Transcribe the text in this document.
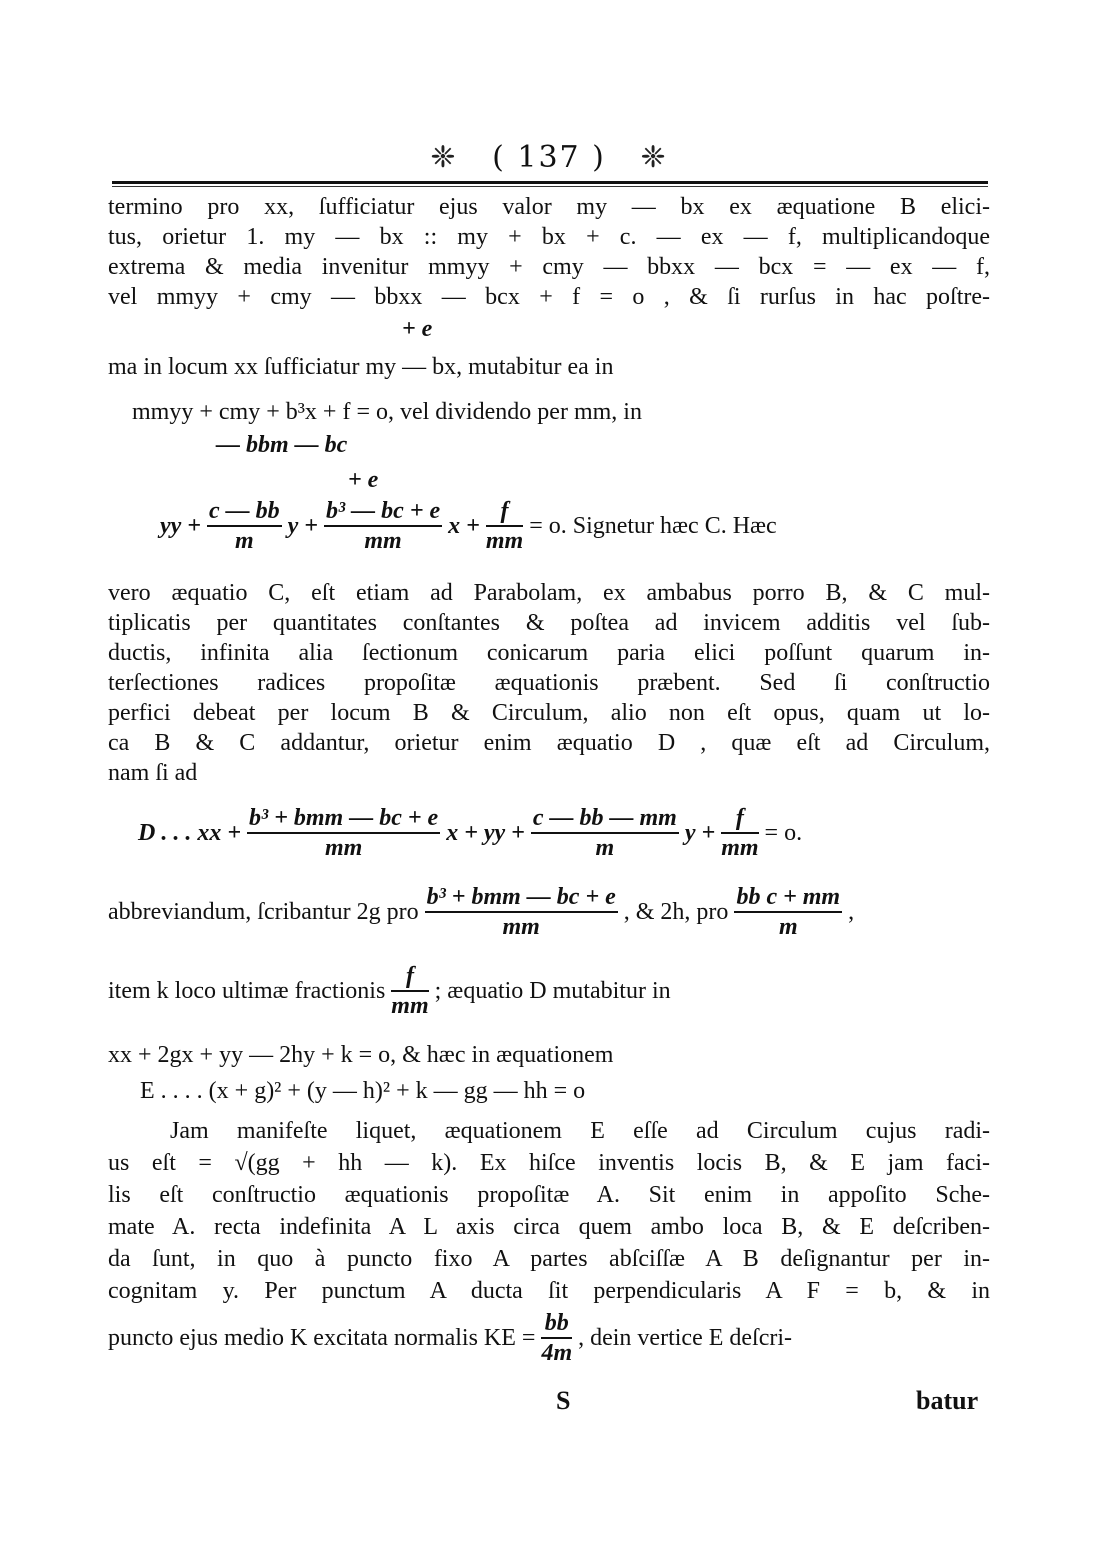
❈ ( 137 ) ❈
termino pro xx, ſufficiatur ejus valor my — bx ex æquatione B elici-
tus, orietur 1. my — bx :: my + bx + c. — ex — f, multiplicandoque
extrema & media invenitur mmyy + cmy — bbxx — bcx = — ex — f,
vel mmyy + cmy — bbxx — bcx + f = o , & ſi rurſus in hac poſtre-
+ e
ma in locum xx ſufficiatur my — bx, mutabitur ea in
mmyy + cmy + b³x + f = o, vel dividendo per mm, in
— bbm — bc
+ e
yy + $\frac{c — bb}{m}$ $y + \frac{\text{b³ — bc + e}}{mm}$ $x + \frac{f}{mm} = o$. Signetur hæc C. Hæc
vero æquatio C, eſt etiam ad Parabolam, ex ambabus porro B, & C mul-
tiplicatis per quantitates conſtantes & poſtea ad invicem additis vel ſub-
ductis, infinita alia ſectionum conicarum paria elici poſſunt quarum in-
terſectiones radices propoſitæ æquationis præbent. Sed ſi conſtructio
perfici debeat per locum B & Circulum, alio non eſt opus, quam ut lo-
ca B & C addantur, orietur enim æquatio D , quæ eſt ad Circulum,
nam ſi ad
D . . . xx + $\frac{\text{b³ + bmm — bc + e}}{mm}$ x + yy + $\frac{c — bb — mm}{m}$ $y + \frac{f}{mm} = o$.
abbreviandum, ſcribantur 2g pro $\frac{\text{b³ + bmm — bc + e}}{mm}$ , & 2h, pro $\frac{\text{bb c + mm}}{m}$ ,
item k loco ultimæ fractionis $\frac{f}{mm}$ ; æquatio D mutabitur in
xx + 2gx + yy — 2hy + k = o, & hæc in æquationem
E . . . . (x + g)² + (y — h)² + k — gg — hh = o
Jam manifeſte liquet, æquationem E eſſe ad Circulum cujus radi-
us eſt = √(gg + hh — k). Ex hiſce inventis locis B, & E jam faci-
lis eſt conſtructio æquationis propoſitæ A. Sit enim in appoſito Sche-
mate A. recta indefinita A L axis circa quem ambo loca B, & E deſcriben-
da ſunt, in quo à puncto fixo A partes abſciſſæ A B deſignantur per in-
cognitam y. Per punctum A ducta ſit perpendicularis A F = b, & in
puncto ejus medio K excitata normalis KE = $\frac{bb}{4m}$ , dein vertice E deſcri-
S	batur
